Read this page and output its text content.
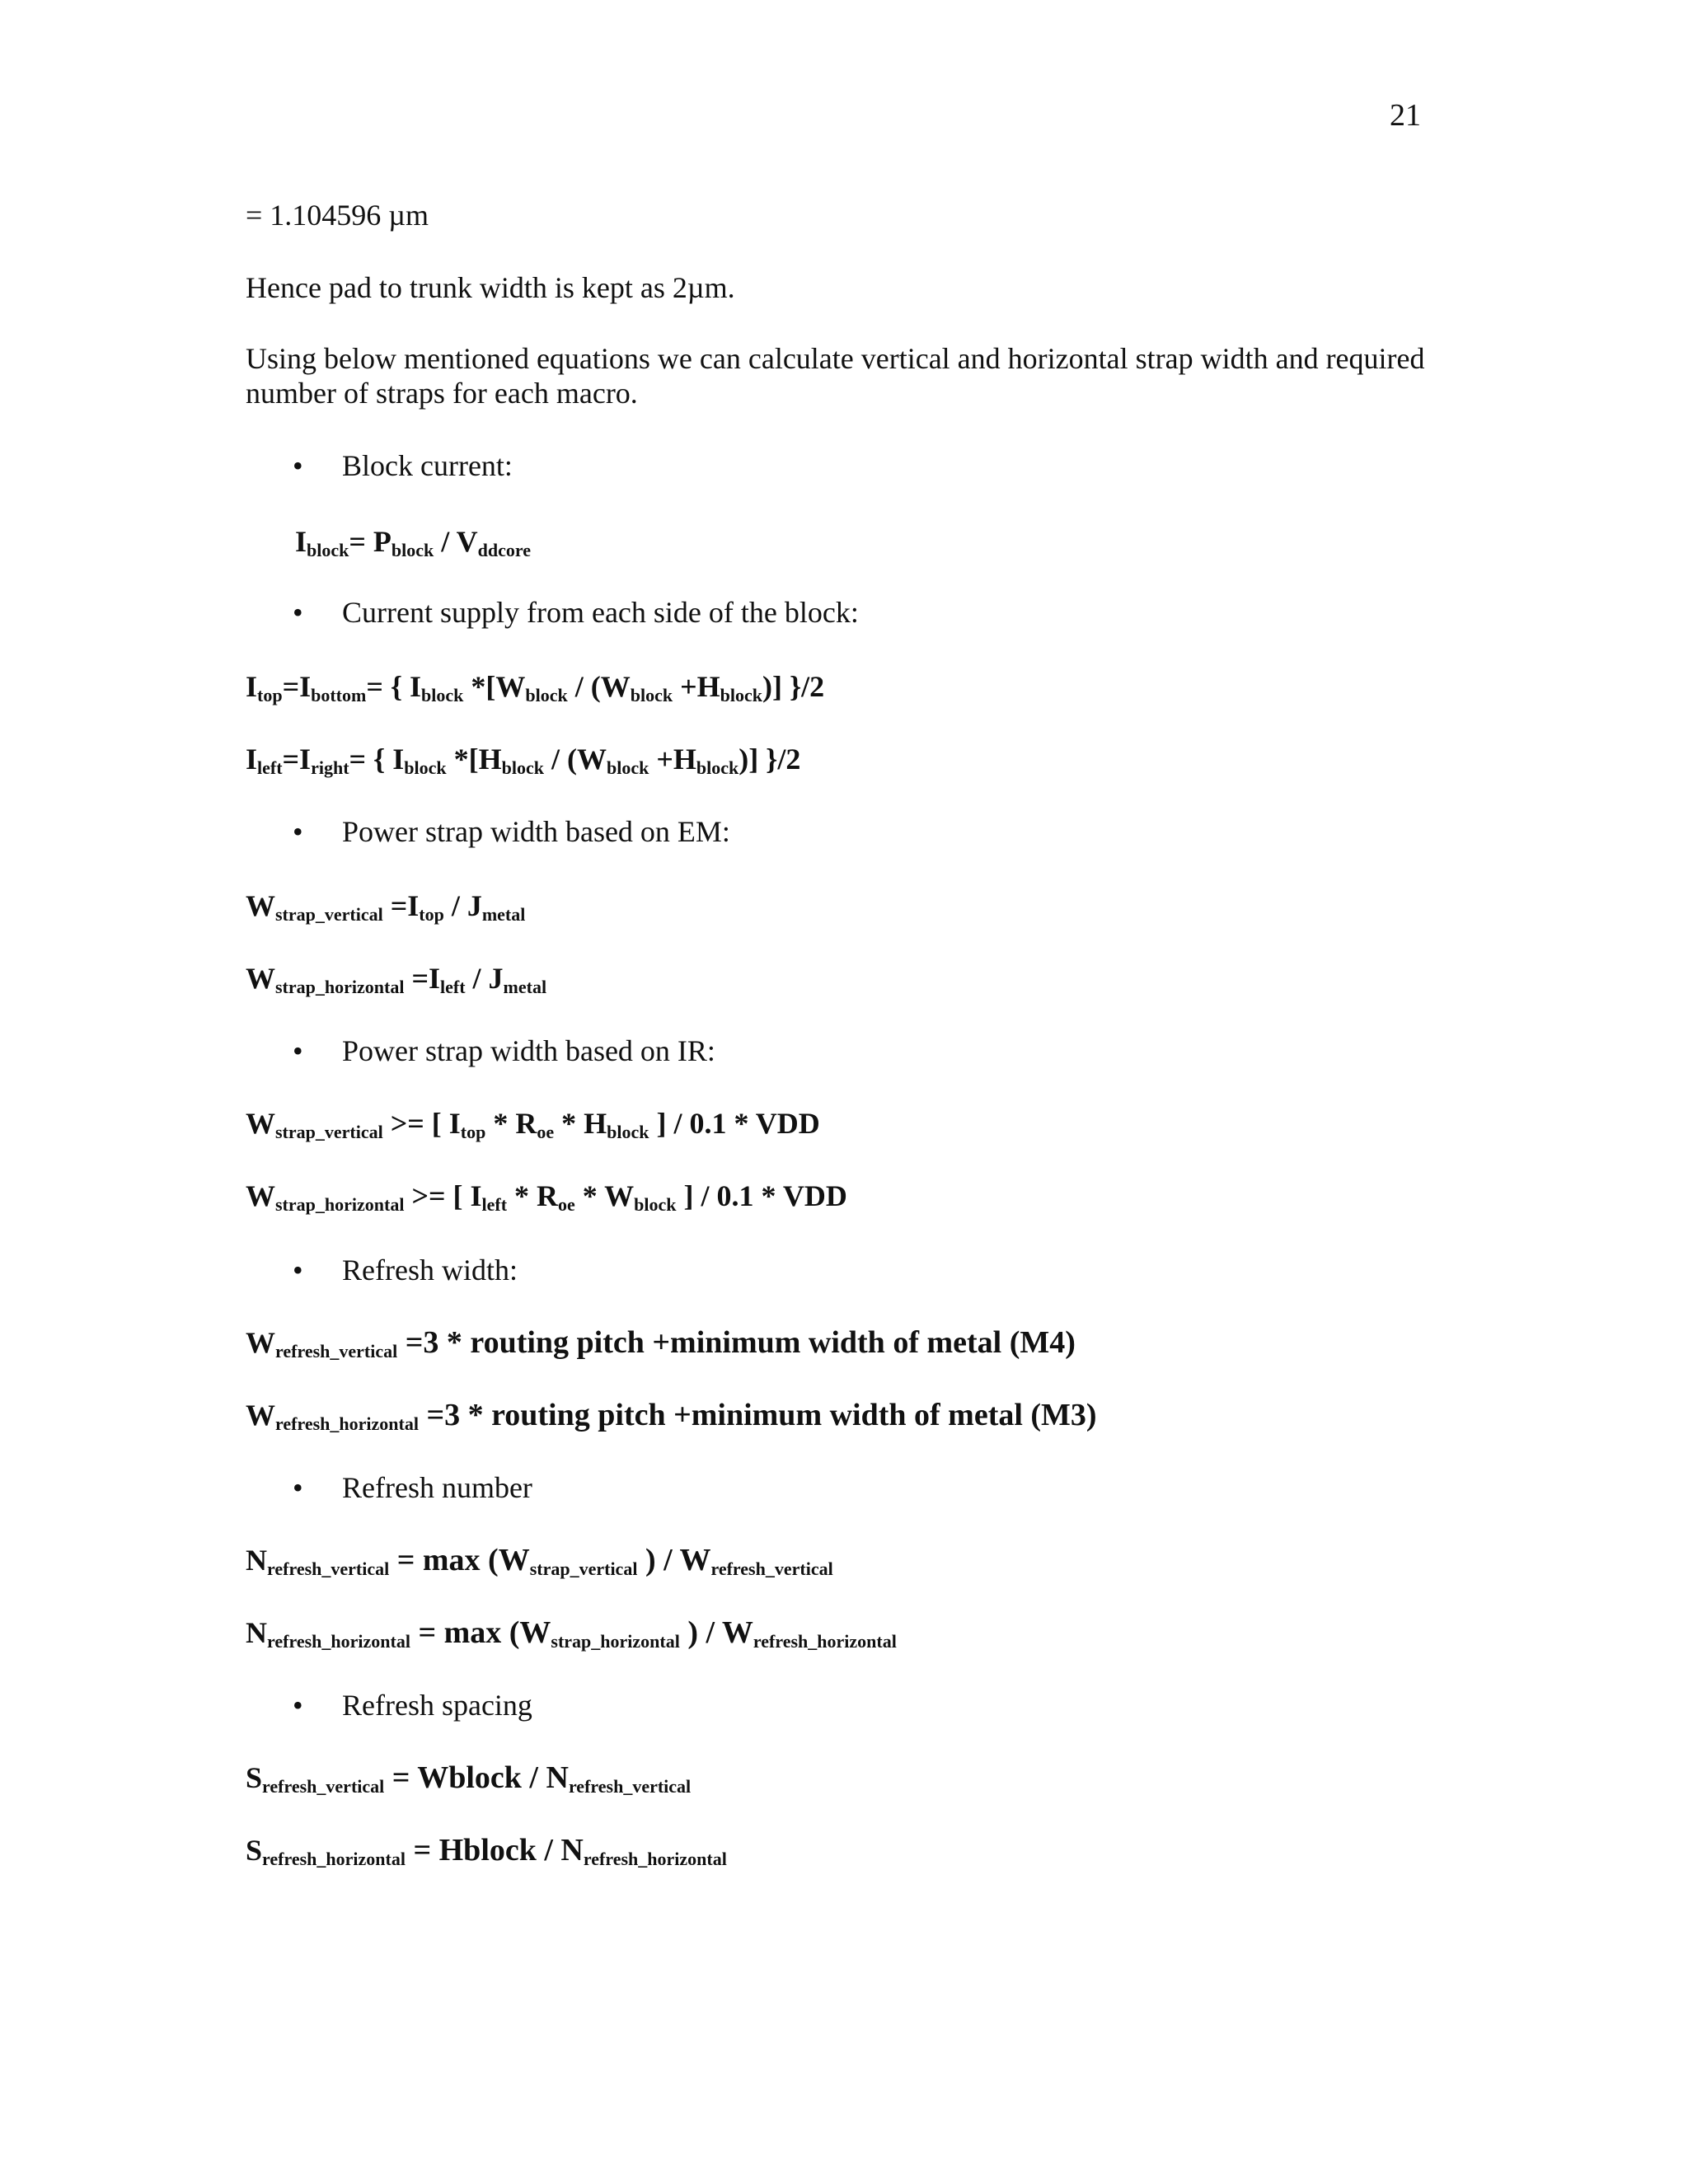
21
= 1.104596 µm
Hence pad to trunk width is kept as 2µm.
Using below mentioned equations we can calculate vertical and horizontal strap width and required number of straps for each macro.
• Block current:
$I_{block}= P_{block} / V_{ddcore}$
• Current supply from each side of the block:
$I_{top}=I_{bottom}=$ { $I_{block}$ $*[W_{block} / (W_{block} +H_{block})]$ }/2
$I_{left}=I_{right}=$ { $I_{block}$ $*[H_{block} / (W_{block} +H_{block})]$ }/2
• Power strap width based on EM:
$W_{strap\_vertical} =I_{top} / J_{metal}$
$W_{strap\_horizontal} =I_{left} / J_{metal}$
• Power strap width based on IR:
$W_{strap\_vertical}$ >= [ $I_{top} * R_{oe} * H_{block}$ ] / 0.1 * VDD
$W_{strap\_horizontal}$ >= [ $I_{left} * R_{oe} * W_{block}$ ] / 0.1 * VDD
• Refresh width:
$W_{refresh\_vertical} =3$ * routing pitch +minimum width of metal (M4)
$W_{refresh\_horizontal} =3$ * routing pitch +minimum width of metal (M3)
• Refresh number
$N_{refresh\_vertical} = \max (W_{strap\_vertical}$ ) / $W_{refresh\_vertical}$
$N_{refresh\_horizontal} = \max (W_{strap\_horizontal}$ ) / $W_{refresh\_horizontal}$
• Refresh spacing
$S_{refresh\_vertical}$ = Wblock / $N_{refresh\_vertical}$
$S_{refresh\_horizontal}$ = Hblock / $N_{refresh\_horizontal}$
